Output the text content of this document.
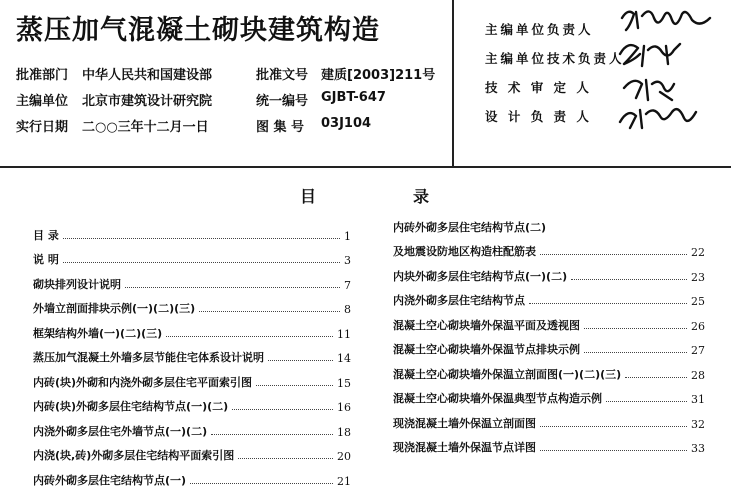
蒸压加气混凝土砌块建筑构造
批准部门 中华人民共和国建设部	批准文号 建质[2003]211号
主编单位 北京市建筑设计研究院	统一编号 GJBT-647
实行日期 二○○三年十二月一日	图 集 号 03J104
主编单位负责人
主编单位技术负责人
技 术 审 定 人
设 计 负 责 人
目	录
目 录	1
说 明	3
砌块排列设计说明	7
外墙立剖面排块示例(一)(二)(三)	8
框架结构外墙(一)(二)(三)	11
蒸压加气混凝土外墙多层节能住宅体系设计说明	14
内砖(块)外砌和内浇外砌多层住宅平面索引图	15
内砖(块)外砌多层住宅结构节点(一)(二)	16
内浇外砌多层住宅外墙节点(一)(二)	18
内浇(块,砖)外砌多层住宅结构平面索引图	20
内砖外砌多层住宅结构节点(一)	21
内砖外砌多层住宅结构节点(二)
及地震设防地区构造柱配筋表	22
内块外砌多层住宅结构节点(一)(二)	23
内浇外砌多层住宅结构节点	25
混凝土空心砌块墙外保温平面及透视图	26
混凝土空心砌块墙外保温节点排块示例	27
混凝土空心砌块墙外保温立剖面图(一)(二)(三)	28
混凝土空心砌块墙外保温典型节点构造示例	31
现浇混凝土墙外保温立剖面图	32
现浇混凝土墙外保温节点详图	33
